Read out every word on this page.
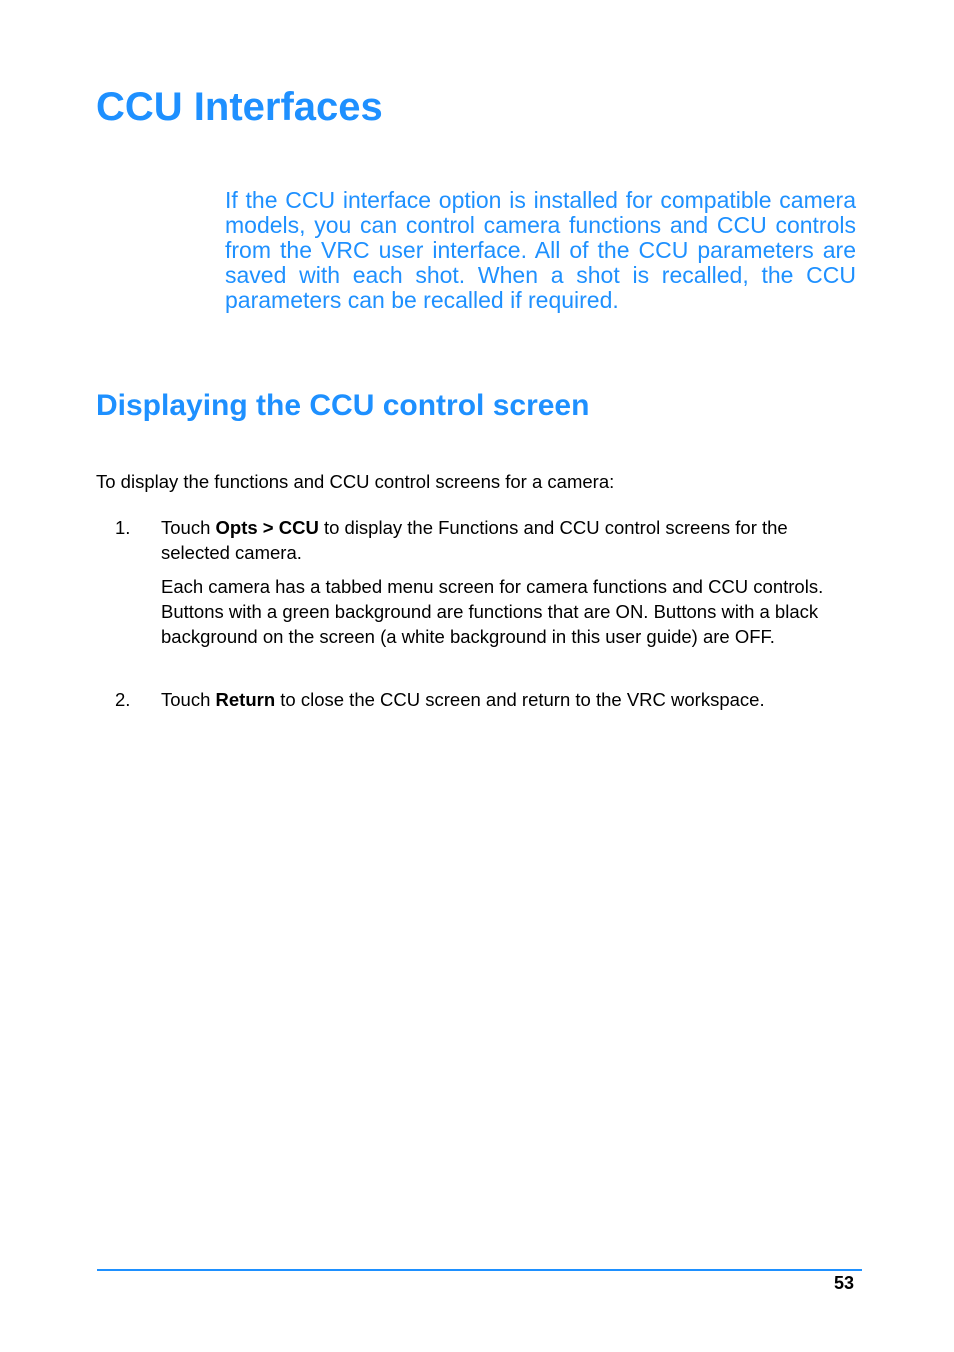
CCU Interfaces

If the CCU interface option is installed for compatible camera models, you can control camera functions and CCU controls from the VRC user interface. All of the CCU parameters are saved with each shot. When a shot is recalled, the CCU parameters can be recalled if required.

Displaying the CCU control screen

To display the functions and CCU control screens for a camera:

1. Touch Opts > CCU to display the Functions and CCU control screens for the selected camera.

Each camera has a tabbed menu screen for camera functions and CCU controls. Buttons with a green background are functions that are ON. Buttons with a black background on the screen (a white background in this user guide) are OFF.

2. Touch Return to close the CCU screen and return to the VRC workspace.

53
